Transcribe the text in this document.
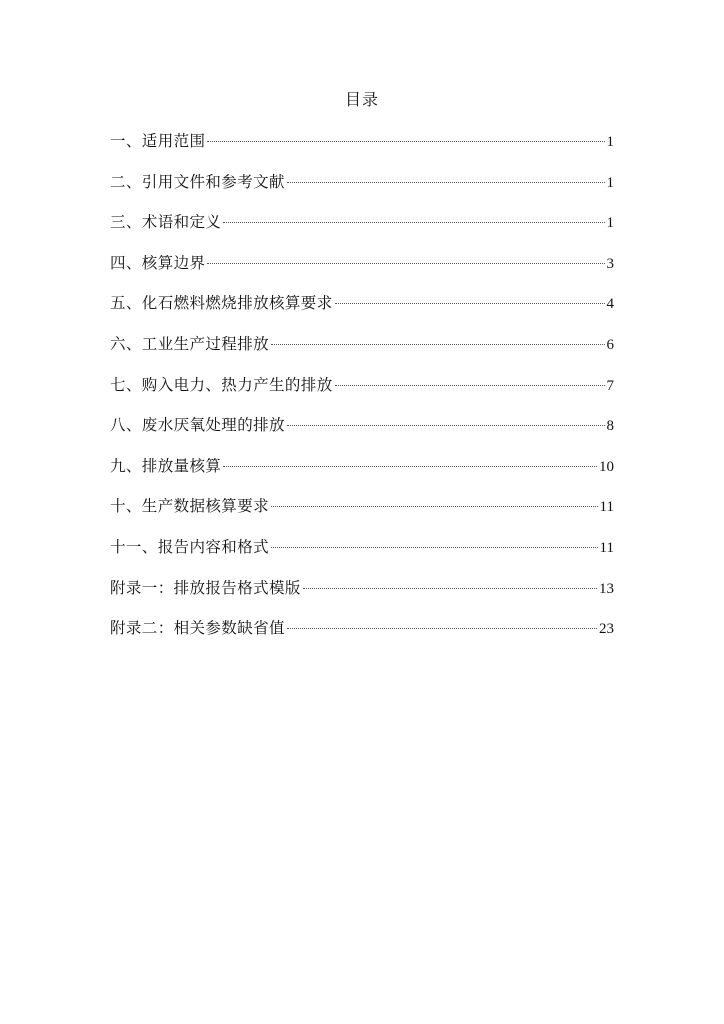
目录
一、适用范围	1
二、引用文件和参考文献	1
三、术语和定义	1
四、核算边界	3
五、化石燃料燃烧排放核算要求	4
六、工业生产过程排放	6
七、购入电力、热力产生的排放	7
八、废水厌氧处理的排放	8
九、排放量核算	10
十、生产数据核算要求	11
十一、报告内容和格式	11
附录一：排放报告格式模版	13
附录二：相关参数缺省值	23
